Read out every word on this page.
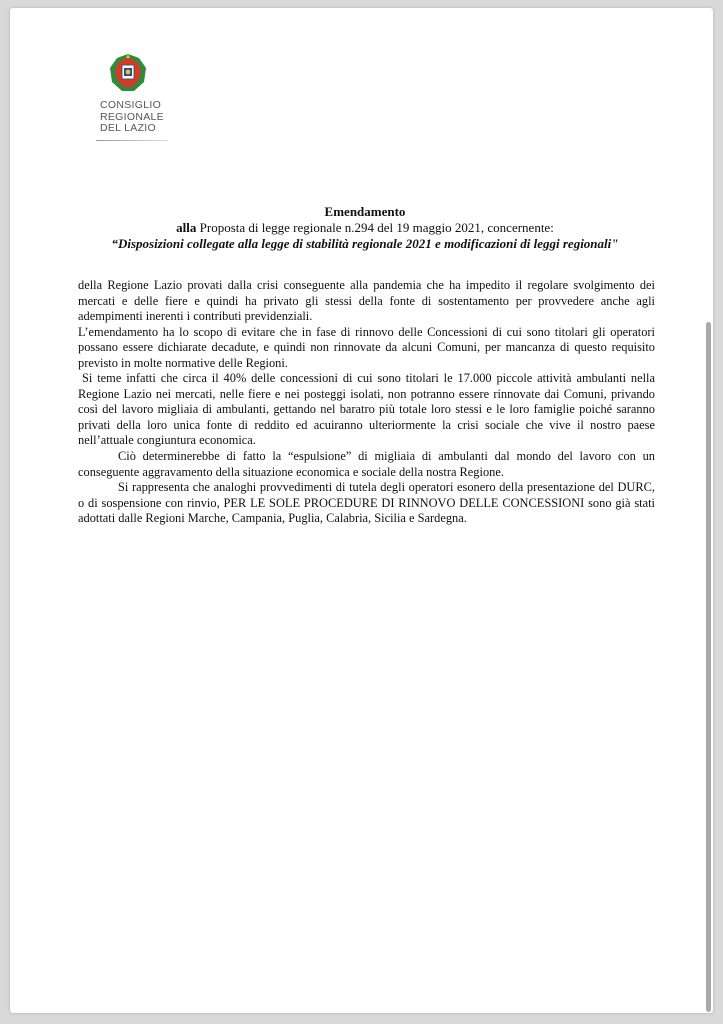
CONSIGLIO
REGIONALE
DEL LAZIO
Emendamento
alla Proposta di legge regionale n.294 del 19 maggio 2021, concernente:
“Disposizioni collegate alla legge di stabilità regionale 2021 e modificazioni di leggi regionali"

della Regione Lazio provati dalla crisi conseguente alla pandemia che ha impedito il regolare svolgimento dei mercati e delle fiere e quindi ha privato gli stessi della fonte di sostentamento per provvedere anche agli adempimenti inerenti i contributi previdenziali.

L’emendamento ha lo scopo di evitare che in fase di rinnovo delle Concessioni di cui sono titolari gli operatori possano essere dichiarate decadute, e quindi non rinnovate da alcuni Comuni, per mancanza di questo requisito previsto in molte normative delle Regioni.

Si teme infatti che circa il 40% delle concessioni di cui sono titolari le 17.000 piccole attività ambulanti nella Regione Lazio nei mercati, nelle fiere e nei posteggi isolati, non potranno essere rinnovate dai Comuni, privando così del lavoro migliaia di ambulanti, gettando nel baratro più totale loro stessi e le loro famiglie poiché saranno privati della loro unica fonte di reddito ed acuiranno ulteriormente la crisi sociale che vive il nostro paese nell’attuale congiuntura economica.

Ciò determinerebbe di fatto la “espulsione” di migliaia di ambulanti dal mondo del lavoro con un conseguente aggravamento della situazione economica e sociale della nostra Regione.

Si rappresenta che analoghi provvedimenti di tutela degli operatori esonero della presentazione del DURC, o di sospensione con rinvio, PER LE SOLE PROCEDURE DI RINNOVO DELLE CONCESSIONI sono già stati adottati dalle Regioni Marche, Campania, Puglia, Calabria, Sicilia e Sardegna.
